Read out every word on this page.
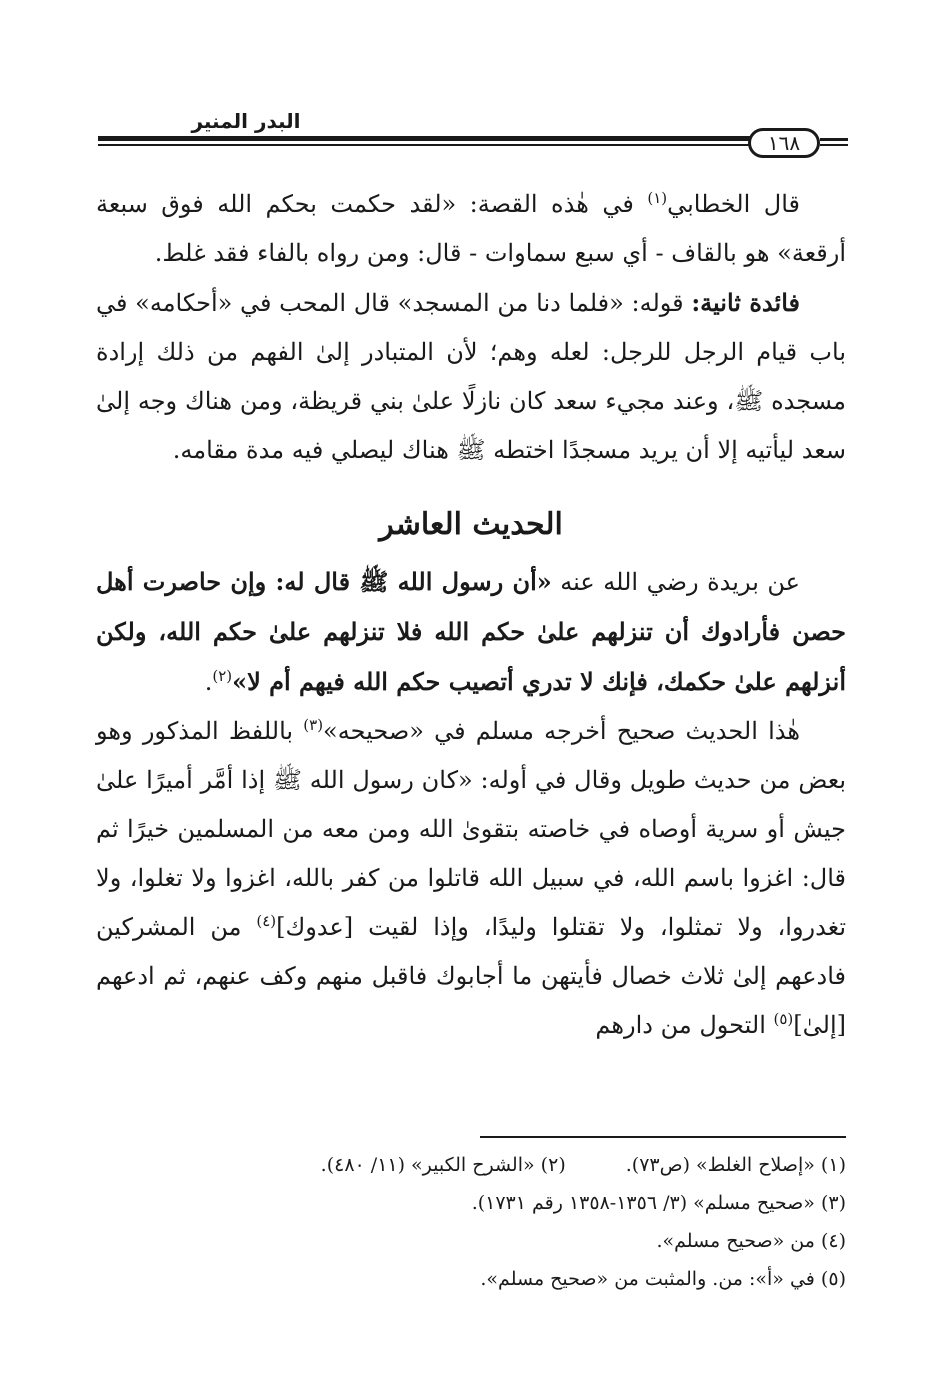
البدر المنير
١٦٨

قال الخطابي$^{(١)}$ في هٰذه القصة: «لقد حكمت بحكم الله فوق سبعة أرقعة» هو بالقاف - أي سبع سماوات - قال: ومن رواه بالفاء فقد غلط.

فائدة ثانية: قوله: «فلما دنا من المسجد» قال المحب في «أحكامه» في باب قيام الرجل للرجل: لعله وهم؛ لأن المتبادر إلىٰ الفهم من ذلك إرادة مسجده ﷺ، وعند مجيء سعد كان نازلًا علىٰ بني قريظة، ومن هناك وجه إلىٰ سعد ليأتيه إلا أن يريد مسجدًا اختطه ﷺ هناك ليصلي فيه مدة مقامه.

الحديث العاشر

عن بريدة رضي الله عنه «أن رسول الله ﷺ قال له: وإن حاصرت أهل حصن فأرادوك أن تنزلهم علىٰ حكم الله فلا تنزلهم علىٰ حكم الله، ولكن أنزلهم علىٰ حكمك، فإنك لا تدري أتصيب حكم الله فيهم أم لا»$^{(٢)}$.

هٰذا الحديث صحيح أخرجه مسلم في «صحيحه»$^{(٣)}$ باللفظ المذكور وهو بعض من حديث طويل وقال في أوله: «كان رسول الله ﷺ إذا أمَّر أميرًا علىٰ جيش أو سرية أوصاه في خاصته بتقوىٰ الله ومن معه من المسلمين خيرًا ثم قال: اغزوا باسم الله، في سبيل الله قاتلوا من كفر بالله، اغزوا ولا تغلوا، ولا تغدروا، ولا تمثلوا، ولا تقتلوا وليدًا، وإذا لقيت [عدوك]$^{(٤)}$ من المشركين فادعهم إلىٰ ثلاث خصال فأيتهن ما أجابوك فاقبل منهم وكف عنهم، ثم ادعهم [إلىٰ]$^{(٥)}$ التحول من دارهم

(١) «إصلاح الغلط» (ص٧٣).
(٢) «الشرح الكبير» (١١/ ٤٨٠).
(٣) «صحيح مسلم» (٣/ ١٣٥٦-١٣٥٨ رقم ١٧٣١).
(٤) من «صحيح مسلم».
(٥) في «أ»: من. والمثبت من «صحيح مسلم».
